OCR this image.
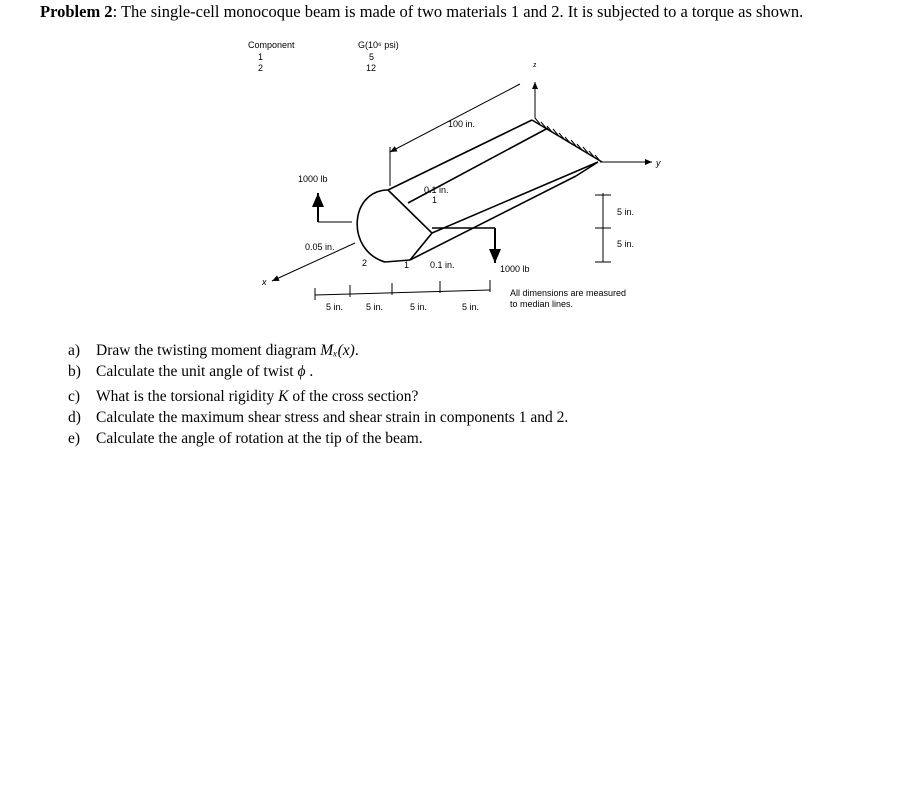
Problem 2: The single-cell monocoque beam is made of two materials 1 and 2. It is subjected to a torque as shown.
Component	G(10⁶ psi)
1	5
2	12
100 in.
1000 lb
0.1 in.
1
0.05 in.
2	1 0.1 in.	1000 lb
5 in.
5 in.
5 in.	5 in.	5 in.	5 in.
All dimensions are measured
to median lines.
x
y
z
a) Draw the twisting moment diagram Mₓ(x).
b) Calculate the unit angle of twist ϕ .
c) What is the torsional rigidity K of the cross section?
d) Calculate the maximum shear stress and shear strain in components 1 and 2.
e) Calculate the angle of rotation at the tip of the beam.
